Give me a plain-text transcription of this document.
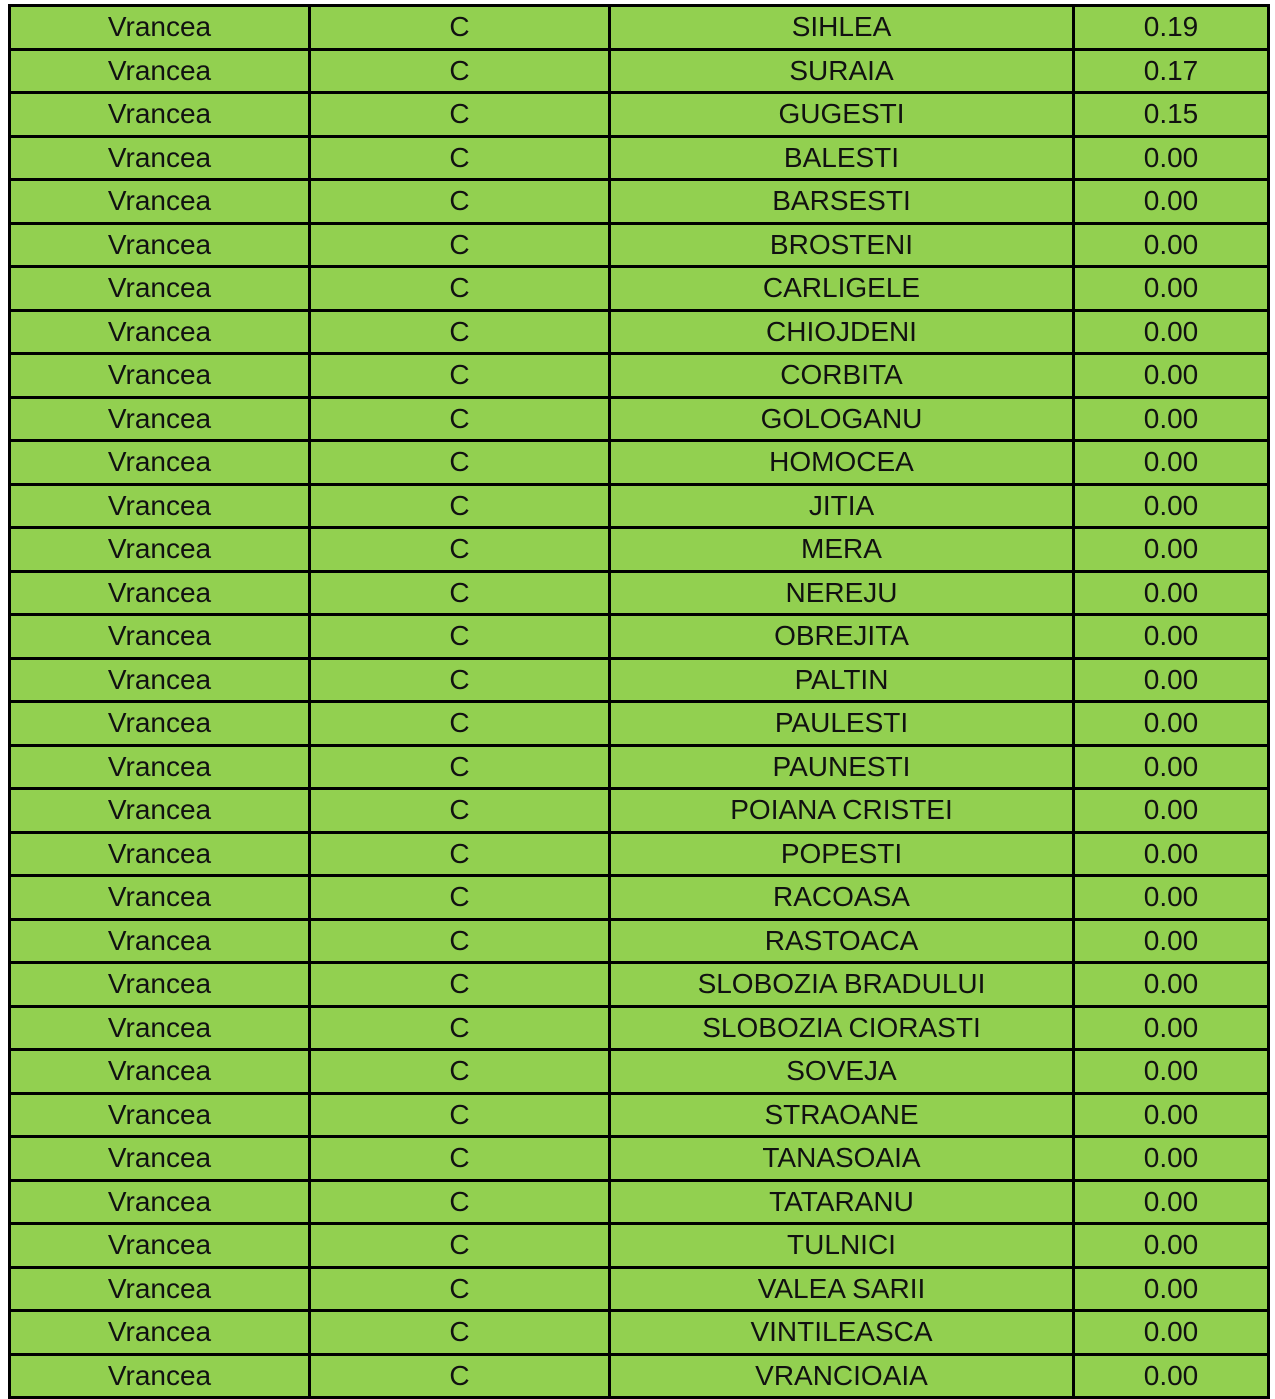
Vrancea	C	SIHLEA	0.19
Vrancea	C	SURAIA	0.17
Vrancea	C	GUGESTI	0.15
Vrancea	C	BALESTI	0.00
Vrancea	C	BARSESTI	0.00
Vrancea	C	BROSTENI	0.00
Vrancea	C	CARLIGELE	0.00
Vrancea	C	CHIOJDENI	0.00
Vrancea	C	CORBITA	0.00
Vrancea	C	GOLOGANU	0.00
Vrancea	C	HOMOCEA	0.00
Vrancea	C	JITIA	0.00
Vrancea	C	MERA	0.00
Vrancea	C	NEREJU	0.00
Vrancea	C	OBREJITA	0.00
Vrancea	C	PALTIN	0.00
Vrancea	C	PAULESTI	0.00
Vrancea	C	PAUNESTI	0.00
Vrancea	C	POIANA CRISTEI	0.00
Vrancea	C	POPESTI	0.00
Vrancea	C	RACOASA	0.00
Vrancea	C	RASTOACA	0.00
Vrancea	C	SLOBOZIA BRADULUI	0.00
Vrancea	C	SLOBOZIA CIORASTI	0.00
Vrancea	C	SOVEJA	0.00
Vrancea	C	STRAOANE	0.00
Vrancea	C	TANASOAIA	0.00
Vrancea	C	TATARANU	0.00
Vrancea	C	TULNICI	0.00
Vrancea	C	VALEA SARII	0.00
Vrancea	C	VINTILEASCA	0.00
Vrancea	C	VRANCIOAIA	0.00
